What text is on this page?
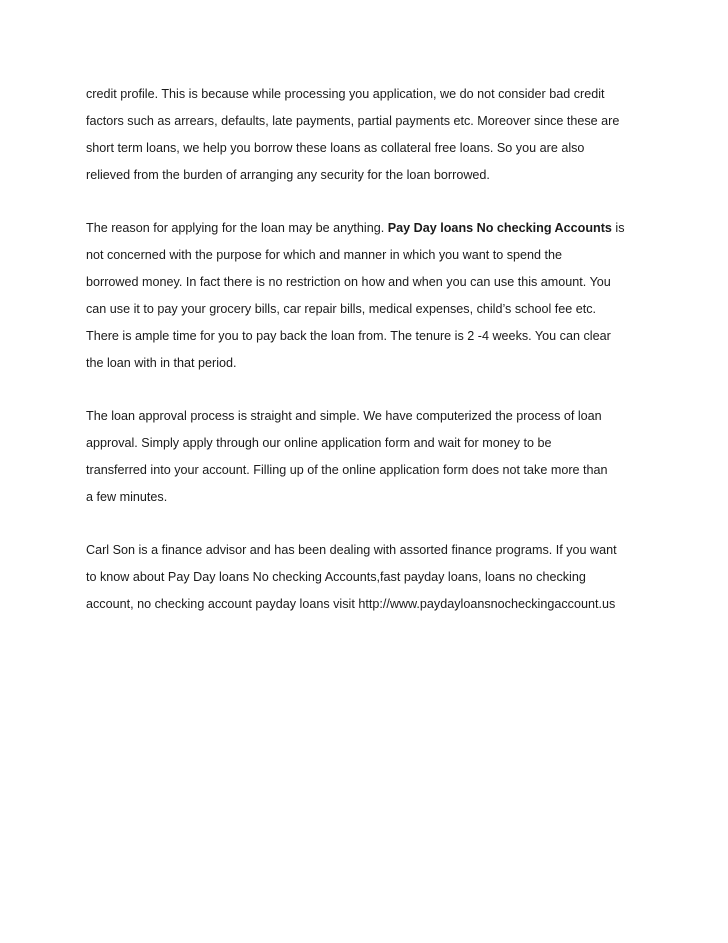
credit profile. This is because while processing you application, we do not consider bad credit
factors such as arrears, defaults, late payments, partial payments etc. Moreover since these are
short term loans, we help you borrow these loans as collateral free loans. So you are also
relieved from the burden of arranging any security for the loan borrowed.
The reason for applying for the loan may be anything. Pay Day loans No checking Accounts is
not concerned with the purpose for which and manner in which you want to spend the
borrowed money. In fact there is no restriction on how and when you can use this amount. You
can use it to pay your grocery bills, car repair bills, medical expenses, child’s school fee etc.
There is ample time for you to pay back the loan from. The tenure is 2 -4 weeks. You can clear
the loan with in that period.
The loan approval process is straight and simple. We have computerized the process of loan
approval. Simply apply through our online application form and wait for money to be
transferred into your account. Filling up of the online application form does not take more than
a few minutes.
Carl Son is a finance advisor and has been dealing with assorted finance programs. If you want
to know about Pay Day loans No checking Accounts,fast payday loans, loans no checking
account, no checking account payday loans visit http://www.paydayloansnocheckingaccount.us
